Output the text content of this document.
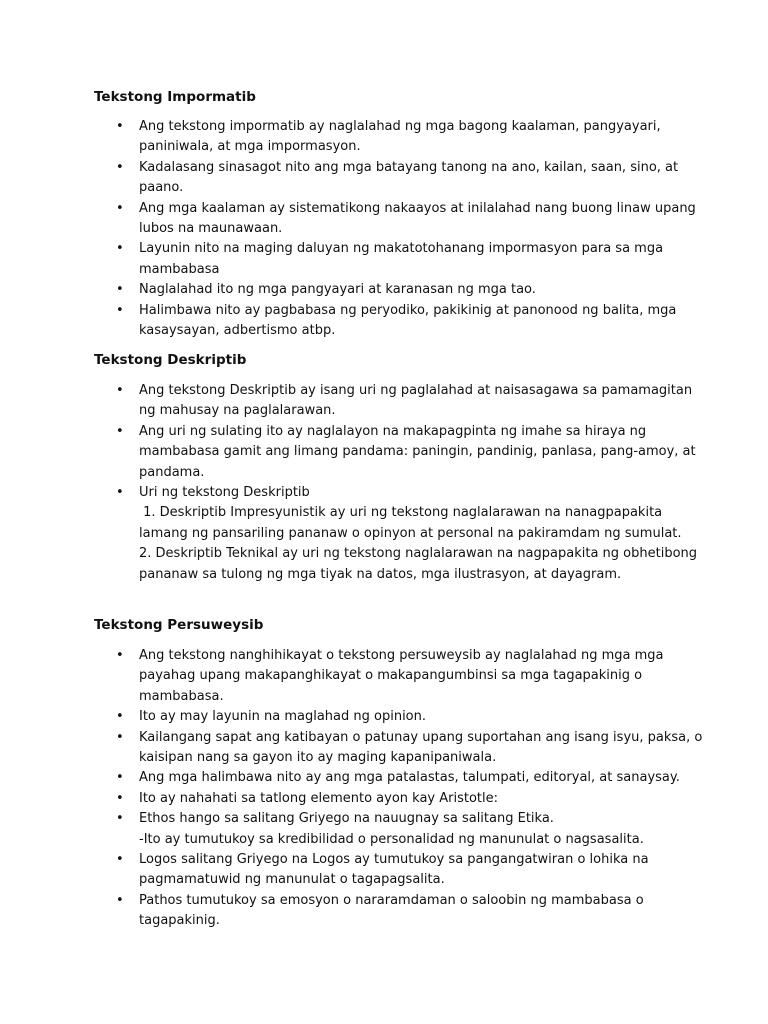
Tekstong Impormatib
• Ang tekstong impormatib ay naglalahad ng mga bagong kaalaman, pangyayari,
paniniwala, at mga impormasyon.
• Kadalasang sinasagot nito ang mga batayang tanong na ano, kailan, saan, sino, at
paano.
• Ang mga kaalaman ay sistematikong nakaayos at inilalahad nang buong linaw upang
lubos na maunawaan.
• Layunin nito na maging daluyan ng makatotohanang impormasyon para sa mga
mambabasa
• Naglalahad ito ng mga pangyayari at karanasan ng mga tao.
• Halimbawa nito ay pagbabasa ng peryodiko, pakikinig at panonood ng balita, mga
kasaysayan, adbertismo atbp.
Tekstong Deskriptib
• Ang tekstong Deskriptib ay isang uri ng paglalahad at naisasagawa sa pamamagitan
ng mahusay na paglalarawan.
• Ang uri ng sulating ito ay naglalayon na makapagpinta ng imahe sa hiraya ng
mambabasa gamit ang limang pandama: paningin, pandinig, panlasa, pang-amoy, at
pandama.
• Uri ng tekstong Deskriptib
1. Deskriptib Impresyunistik ay uri ng tekstong naglalarawan na nanagpapakita
lamang ng pansariling pananaw o opinyon at personal na pakiramdam ng sumulat.
2. Deskriptib Teknikal ay uri ng tekstong naglalarawan na nagpapakita ng obhetibong
pananaw sa tulong ng mga tiyak na datos, mga ilustrasyon, at dayagram.
Tekstong Persuweysib
• Ang tekstong nanghihikayat o tekstong persuweysib ay naglalahad ng mga mga
payahag upang makapanghikayat o makapangumbinsi sa mga tagapakinig o
mambabasa.
• Ito ay may layunin na maglahad ng opinion.
• Kailangang sapat ang katibayan o patunay upang suportahan ang isang isyu, paksa, o
kaisipan nang sa gayon ito ay maging kapanipaniwala.
• Ang mga halimbawa nito ay ang mga patalastas, talumpati, editoryal, at sanaysay.
• Ito ay nahahati sa tatlong elemento ayon kay Aristotle:
• Ethos hango sa salitang Griyego na nauugnay sa salitang Etika.
-Ito ay tumutukoy sa kredibilidad o personalidad ng manunulat o nagsasalita.
• Logos salitang Griyego na Logos ay tumutukoy sa pangangatwiran o lohika na
pagmamatuwid ng manunulat o tagapagsalita.
• Pathos tumutukoy sa emosyon o nararamdaman o saloobin ng mambabasa o
tagapakinig.
